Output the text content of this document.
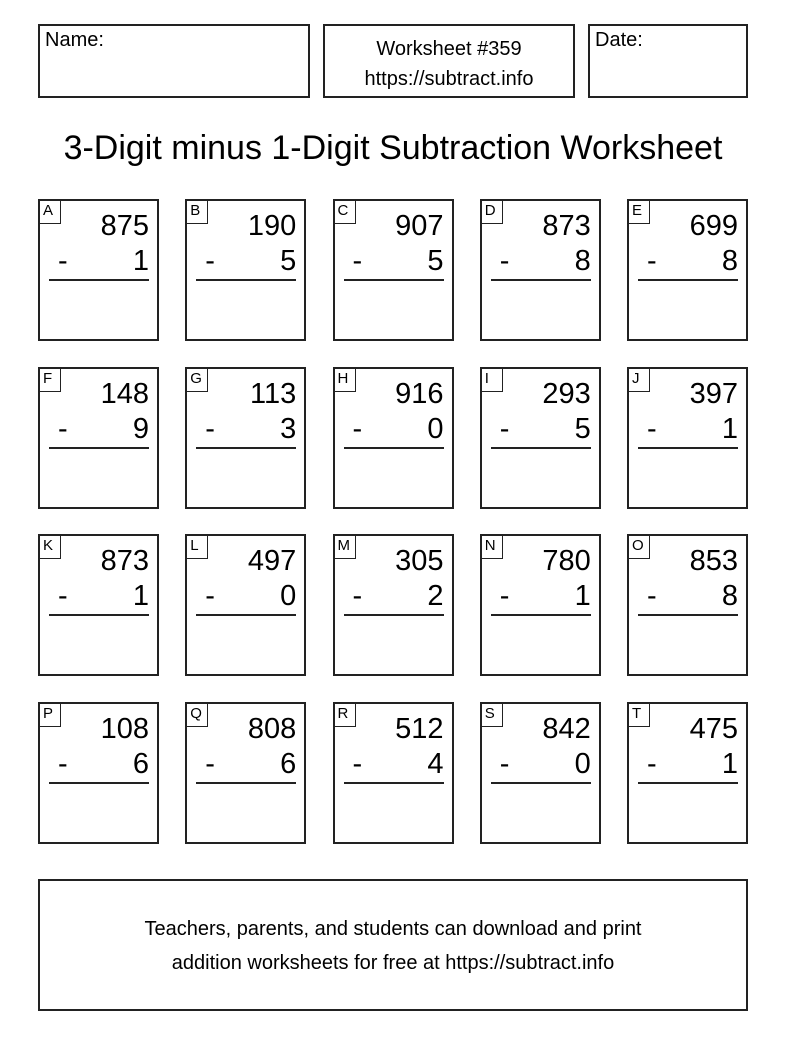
Name:	Worksheet #359
https://subtract.info
Date:
3-Digit minus 1-Digit Subtraction Worksheet
A 875
- 1
B 190
- 5
C 907
- 5
D 873
- 8
E 699
- 8
F	148
- 9
G 113
- 3
H 916
- 0
I	293
- 5
J	397
- 1
K 873
- 1
L	497
- 0
M 305
- 2
N 780
- 1
O 853
- 8
P 108
- 6
Q 808
- 6
R 512
- 4
S 842
- 0
T	475
- 1
Teachers, parents, and students can download and print
addition worksheets for free at https://subtract.info
